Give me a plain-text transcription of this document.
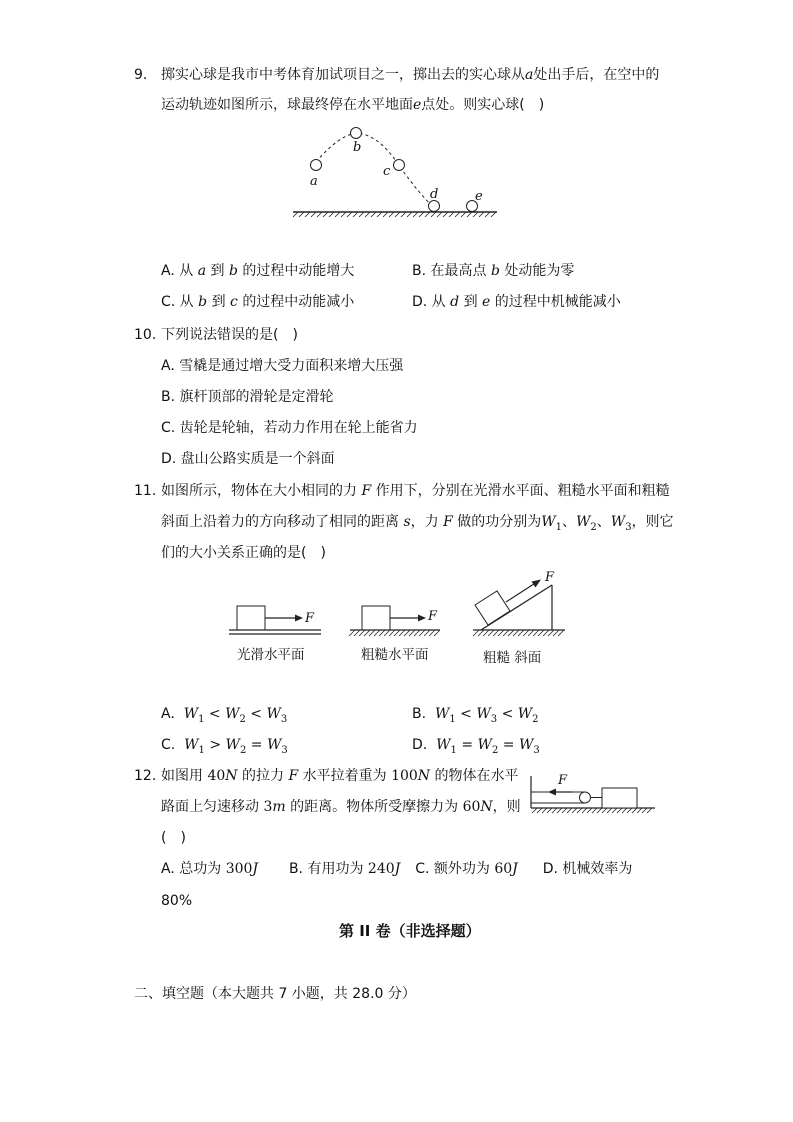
9. 掷实心球是我市中考体育加试项目之一，掷出去的实心球从a处出手后，在空中的
运动轨迹如图所示，球最终停在水平地面e点处。则实心球(　)
a
b
c
d	e
A. 从 a 到 b 的过程中动能增大	B. 在最高点 b 处动能为零
C. 从 b 到 c 的过程中动能减小	D. 从 d 到 e 的过程中机械能减小
10. 下列说法错误的是(　)
A. 雪橇是通过增大受力面积来增大压强
B. 旗杆顶部的滑轮是定滑轮
C. 齿轮是轮轴，若动力作用在轮上能省力
D. 盘山公路实质是一个斜面
11. 如图所示，物体在大小相同的力 F 作用下，分别在光滑水平面、粗糙水平面和粗糙
斜面上沿着力的方向移动了相同的距离 s，力 F 做的功分别为$W_1$、$W_2$、$W_3$，则它
们的大小关系正确的是(　)
F
光滑水平面
F
粗糙水平面
F
粗糙 斜面
A. $W_1 < W_2 < W_3$	B. $W_1 < W_3 < W_2$
C. $W_1 > W_2 = W_3$	D. $W_1 = W_2 = W_3$
12. 如图用 40N 的拉力 F 水平拉着重为 100N 的物体在水平
路面上匀速移动 3m 的距离。物体所受摩擦力为 60N，则
(　)
F
A. 总功为 300J B. 有用功为 240J C. 额外功为 60J D. 机械效率为
80%
第 II 卷（非选择题）
二、填空题（本大题共 7 小题，共 28.0 分）
